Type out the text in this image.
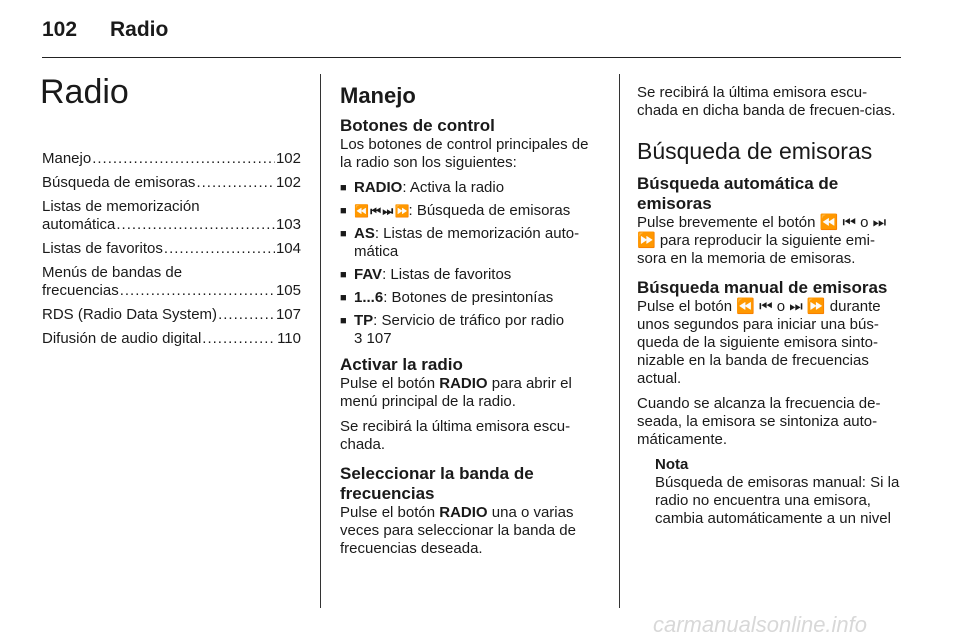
102 Radio
Radio
Manejo .....	102
Búsqueda de emisoras .....	102
Listas de memorización
automática .....	103
Listas de favoritos .....	104
Menús de bandas de
frecuencias .....	105
RDS (Radio Data System) .....	107
Difusión de audio digital .....	110
Manejo
Botones de control

Los botones de control principales de la radio son los siguientes:

■ RADIO: Activa la radio
■ ⏪ ⏮ ⏭ ⏩: Búsqueda de emisoras
■ AS: Listas de memorización auto-mática
■ FAV: Listas de favoritos
■ 1...6: Botones de presintonías
■ TP: Servicio de tráfico por radio
3 107
Activar la radio

Pulse el botón RADIO para abrir el menú principal de la radio.

Se recibirá la última emisora escu-chada.

Seleccionar la banda de frecuencias

Pulse el botón RADIO una o varias veces para seleccionar la banda de frecuencias deseada.

Se recibirá la última emisora escu-chada en dicha banda de frecuen-cias.

Búsqueda de emisoras
Búsqueda automática de emisoras

Pulse brevemente el botón ⏪ ⏮ o ⏭ ⏩ para reproducir la siguiente emi-sora en la memoria de emisoras.

Búsqueda manual de emisoras

Pulse el botón ⏪ ⏮ o ⏭ ⏩ durante unos segundos para iniciar una bús-queda de la siguiente emisora sinto-nizable en la banda de frecuencias actual.

Cuando se alcanza la frecuencia de-seada, la emisora se sintoniza auto-máticamente.

Nota

Búsqueda de emisoras manual: Si la radio no encuentra una emisora, cambia automáticamente a un nivel

carmanualsonline.info
